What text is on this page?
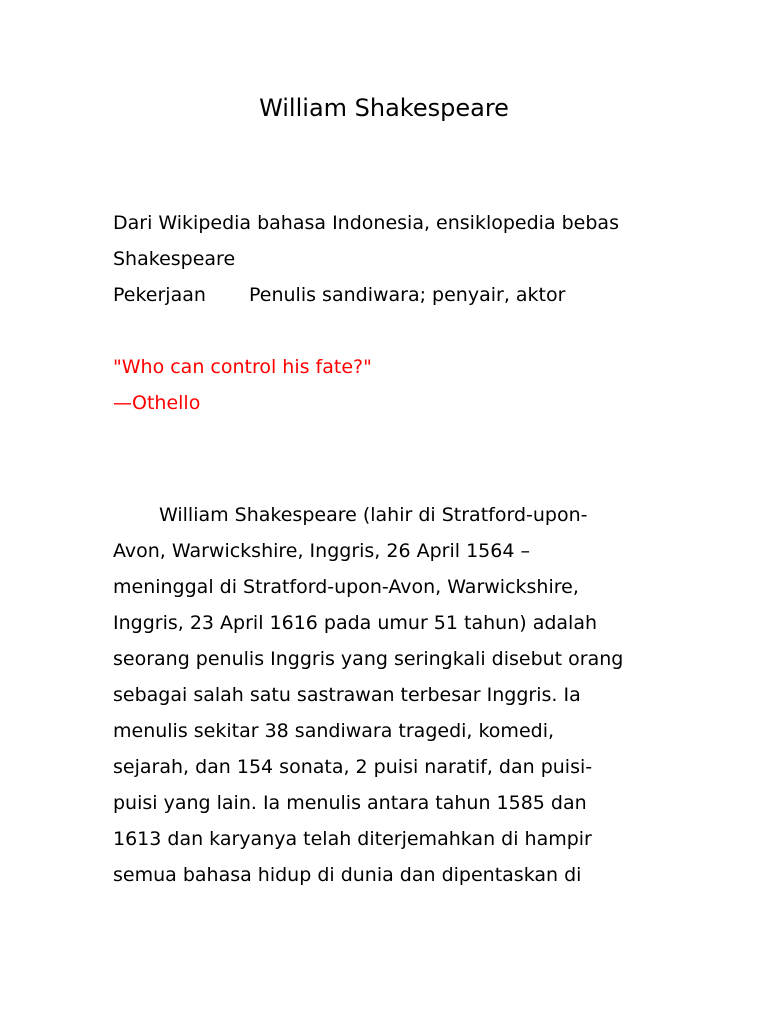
William Shakespeare
Dari Wikipedia bahasa Indonesia, ensiklopedia bebas
Shakespeare
Pekerjaan Penulis sandiwara; penyair, aktor
"Who can control his fate?"
—Othello
William Shakespeare (lahir di Stratford-upon-
Avon, Warwickshire, Inggris, 26 April 1564 –
meninggal di Stratford-upon-Avon, Warwickshire,
Inggris, 23 April 1616 pada umur 51 tahun) adalah
seorang penulis Inggris yang seringkali disebut orang
sebagai salah satu sastrawan terbesar Inggris. Ia
menulis sekitar 38 sandiwara tragedi, komedi,
sejarah, dan 154 sonata, 2 puisi naratif, dan puisi-
puisi yang lain. Ia menulis antara tahun 1585 dan
1613 dan karyanya telah diterjemahkan di hampir
semua bahasa hidup di dunia dan dipentaskan di
